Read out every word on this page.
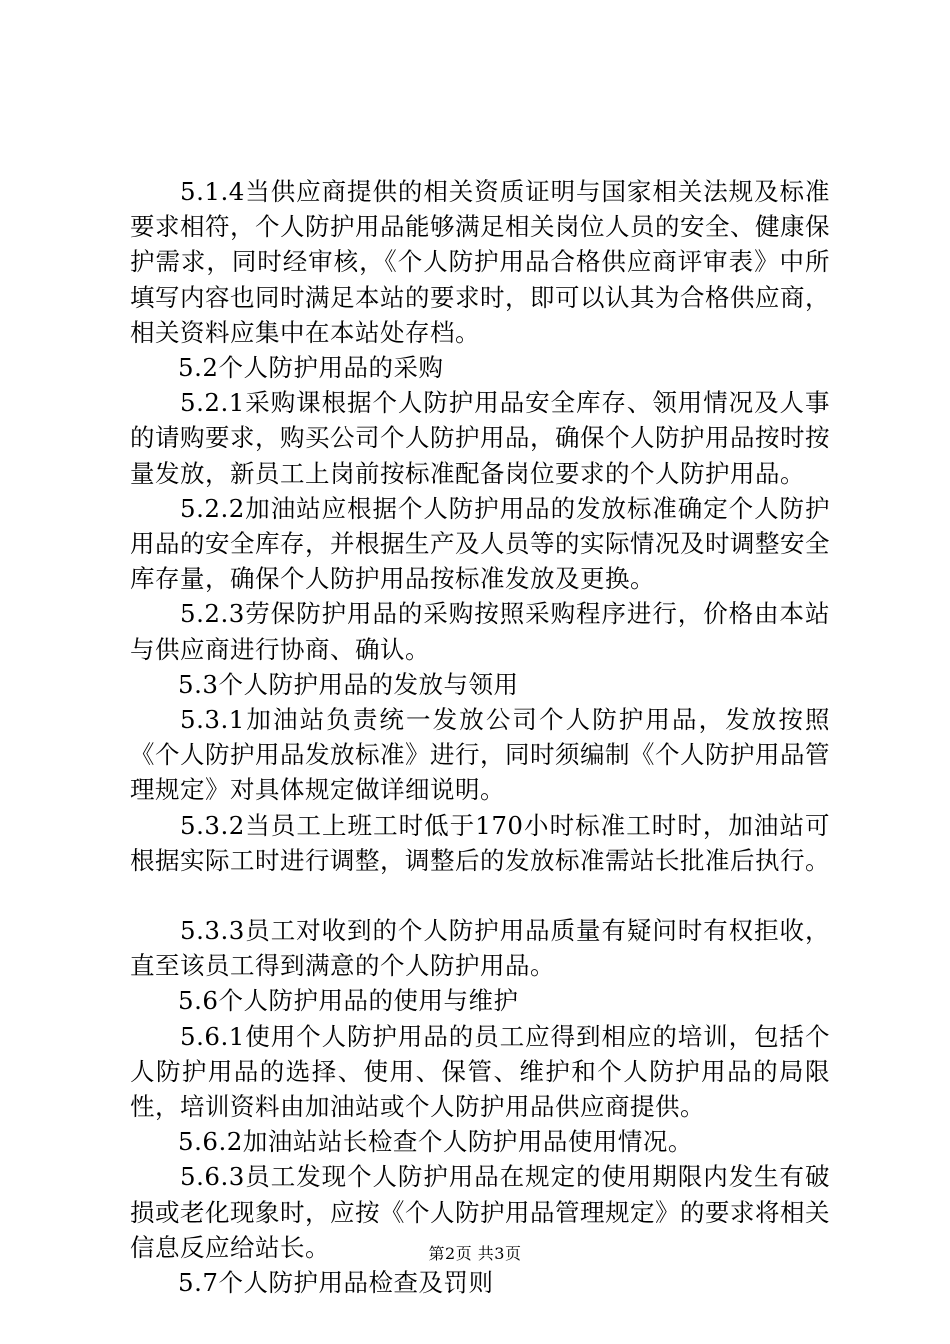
5.1.4当供应商提供的相关资质证明与国家相关法规及标准要求相符，个人防护用品能够满足相关岗位人员的安全、健康保护需求，同时经审核，《个人防护用品合格供应商评审表》中所填写内容也同时满足本站的要求时，即可以认其为合格供应商，相关资料应集中在本站处存档。

5.2个人防护用品的采购

5.2.1采购课根据个人防护用品安全库存、领用情况及人事的请购要求，购买公司个人防护用品，确保个人防护用品按时按量发放，新员工上岗前按标准配备岗位要求的个人防护用品。

5.2.2加油站应根据个人防护用品的发放标准确定个人防护用品的安全库存，并根据生产及人员等的实际情况及时调整安全库存量，确保个人防护用品按标准发放及更换。

5.2.3劳保防护用品的采购按照采购程序进行，价格由本站与供应商进行协商、确认。

5.3个人防护用品的发放与领用

5.3.1加油站负责统一发放公司个人防护用品，发放按照《个人防护用品发放标准》进行，同时须编制《个人防护用品管理规定》对具体规定做详细说明。

5.3.2当员工上班工时低于170小时标准工时时，加油站可根据实际工时进行调整，调整后的发放标准需站长批准后执行。

5.3.3员工对收到的个人防护用品质量有疑问时有权拒收，直至该员工得到满意的个人防护用品。

5.6个人防护用品的使用与维护

5.6.1使用个人防护用品的员工应得到相应的培训，包括个人防护用品的选择、使用、保管、维护和个人防护用品的局限性，培训资料由加油站或个人防护用品供应商提供。

5.6.2加油站站长检查个人防护用品使用情况。

5.6.3员工发现个人防护用品在规定的使用期限内发生有破损或老化现象时，应按《个人防护用品管理规定》的要求将相关信息反应给站长。

5.7个人防护用品检查及罚则

第2页 共3页
